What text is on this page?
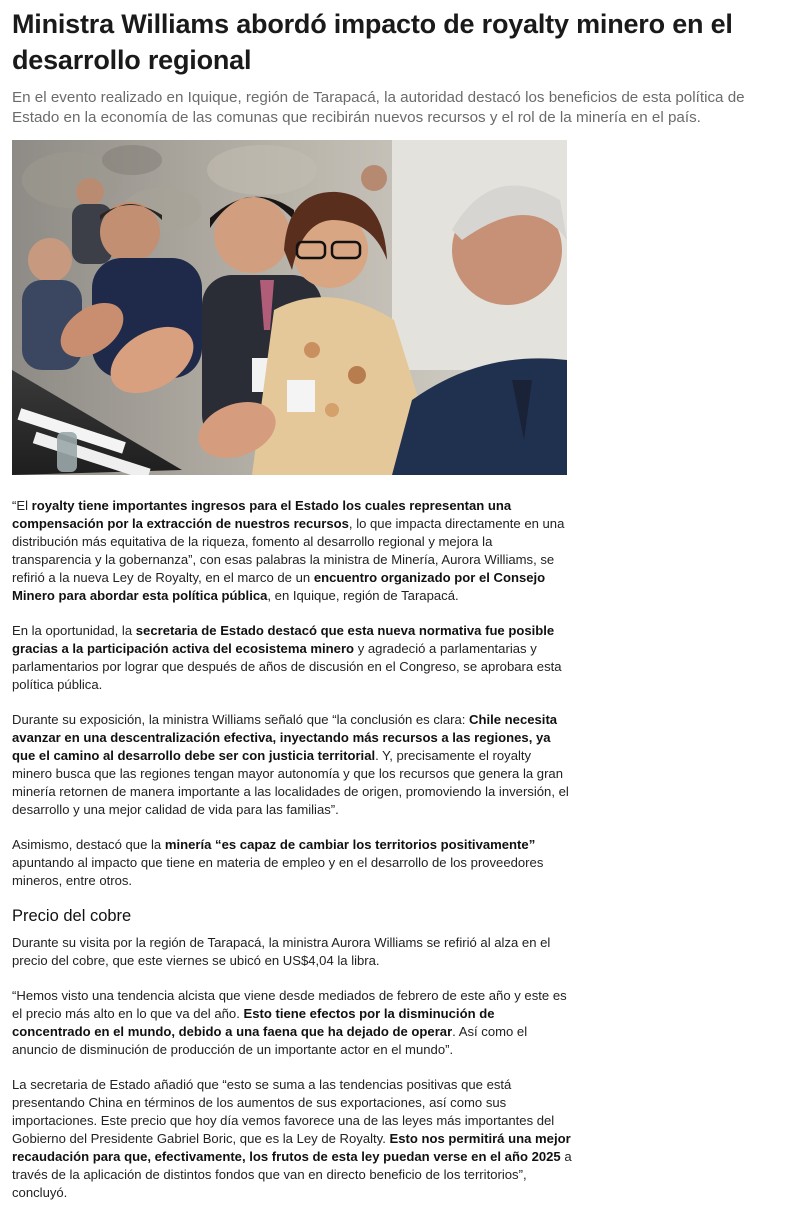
Ministra Williams abordó impacto de royalty minero en el desarrollo regional

En el evento realizado en Iquique, región de Tarapacá, la autoridad destacó los beneficios de esta política de Estado en la economía de las comunas que recibirán nuevos recursos y el rol de la minería en el país.

“El royalty tiene importantes ingresos para el Estado los cuales representan una compensación por la extracción de nuestros recursos, lo que impacta directamente en una distribución más equitativa de la riqueza, fomento al desarrollo regional y mejora la transparencia y la gobernanza”, con esas palabras la ministra de Minería, Aurora Williams, se refirió a la nueva Ley de Royalty, en el marco de un encuentro organizado por el Consejo Minero para abordar esta política pública, en Iquique, región de Tarapacá.

En la oportunidad, la secretaria de Estado destacó que esta nueva normativa fue posible gracias a la participación activa del ecosistema minero y agradeció a parlamentarias y parlamentarios por lograr que después de años de discusión en el Congreso, se aprobara esta política pública.

Durante su exposición, la ministra Williams señaló que “la conclusión es clara: Chile necesita avanzar en una descentralización efectiva, inyectando más recursos a las regiones, ya que el camino al desarrollo debe ser con justicia territorial. Y, precisamente el royalty minero busca que las regiones tengan mayor autonomía y que los recursos que genera la gran minería retornen de manera importante a las localidades de origen, promoviendo la inversión, el desarrollo y una mejor calidad de vida para las familias”.

Asimismo, destacó que la minería “es capaz de cambiar los territorios positivamente” apuntando al impacto que tiene en materia de empleo y en el desarrollo de los proveedores mineros, entre otros.

Precio del cobre

Durante su visita por la región de Tarapacá, la ministra Aurora Williams se refirió al alza en el precio del cobre, que este viernes se ubicó en US$4,04 la libra.

“Hemos visto una tendencia alcista que viene desde mediados de febrero de este año y este es el precio más alto en lo que va del año. Esto tiene efectos por la disminución de concentrado en el mundo, debido a una faena que ha dejado de operar. Así como el anuncio de disminución de producción de un importante actor en el mundo”.

La secretaria de Estado añadió que “esto se suma a las tendencias positivas que está presentando China en términos de los aumentos de sus exportaciones, así como sus importaciones. Este precio que hoy día vemos favorece una de las leyes más importantes del Gobierno del Presidente Gabriel Boric, que es la Ley de Royalty. Esto nos permitirá una mejor recaudación para que, efectivamente, los frutos de esta ley puedan verse en el año 2025 a través de la aplicación de distintos fondos que van en directo beneficio de los territorios”, concluyó.
